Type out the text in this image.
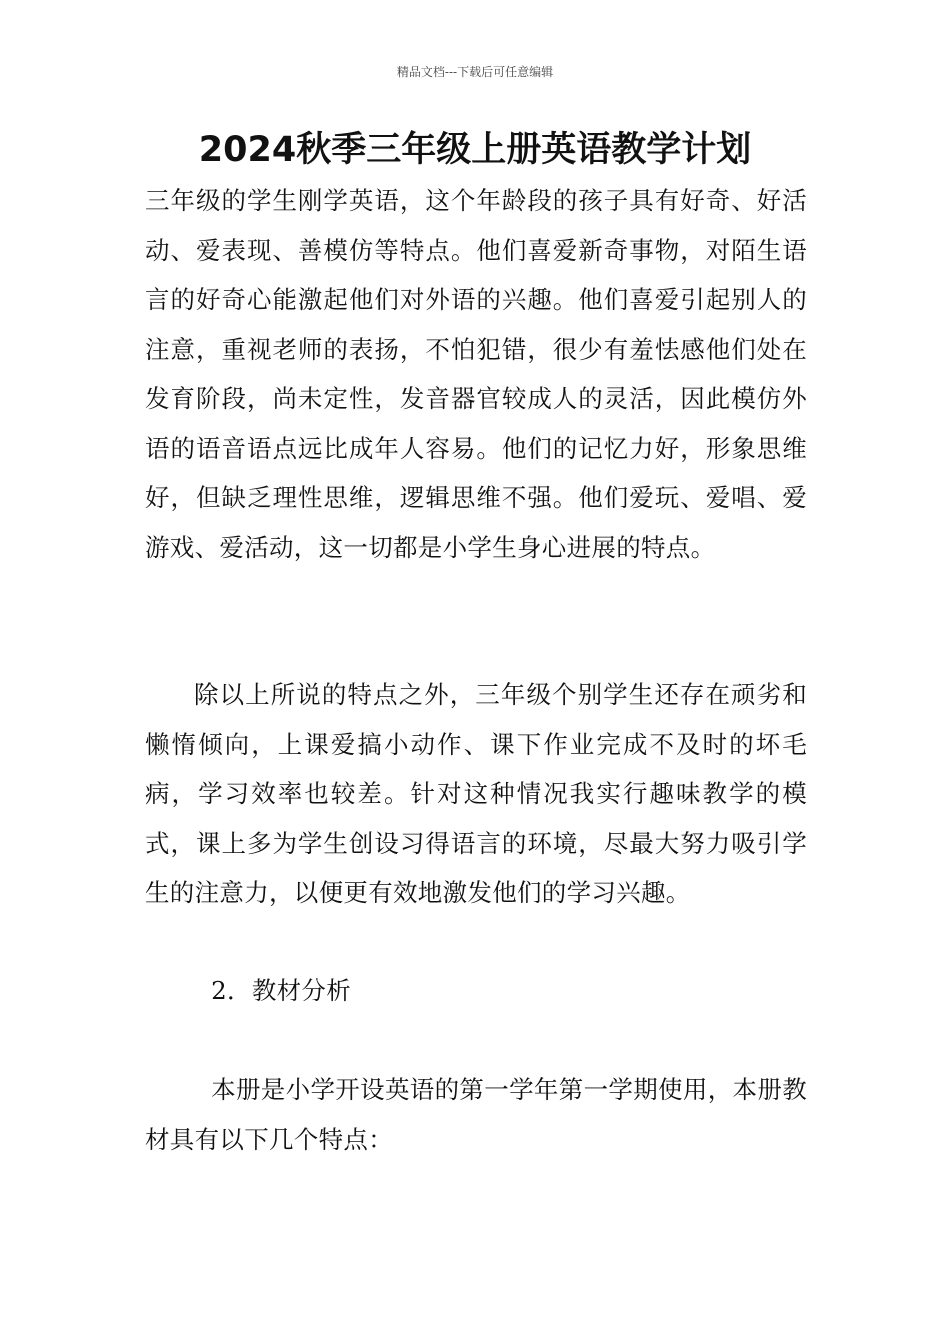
精品文档---下载后可任意编辑
2024秋季三年级上册英语教学计划

三年级的学生刚学英语，这个年龄段的孩子具有好奇、好活动、爱表现、善模仿等特点。他们喜爱新奇事物，对陌生语言的好奇心能激起他们对外语的兴趣。他们喜爱引起别人的注意，重视老师的表扬，不怕犯错，很少有羞怯感他们处在发育阶段，尚未定性，发音器官较成人的灵活，因此模仿外语的语音语点远比成年人容易。他们的记忆力好，形象思维好，但缺乏理性思维，逻辑思维不强。他们爱玩、爱唱、爱游戏、爱活动，这一切都是小学生身心进展的特点。

除以上所说的特点之外，三年级个别学生还存在顽劣和懒惰倾向，上课爱搞小动作、课下作业完成不及时的坏毛病，学习效率也较差。针对这种情况我实行趣味教学的模式，课上多为学生创设习得语言的环境，尽最大努力吸引学生的注意力，以便更有效地激发他们的学习兴趣。

2．教材分析

本册是小学开设英语的第一学年第一学期使用，本册教材具有以下几个特点：
